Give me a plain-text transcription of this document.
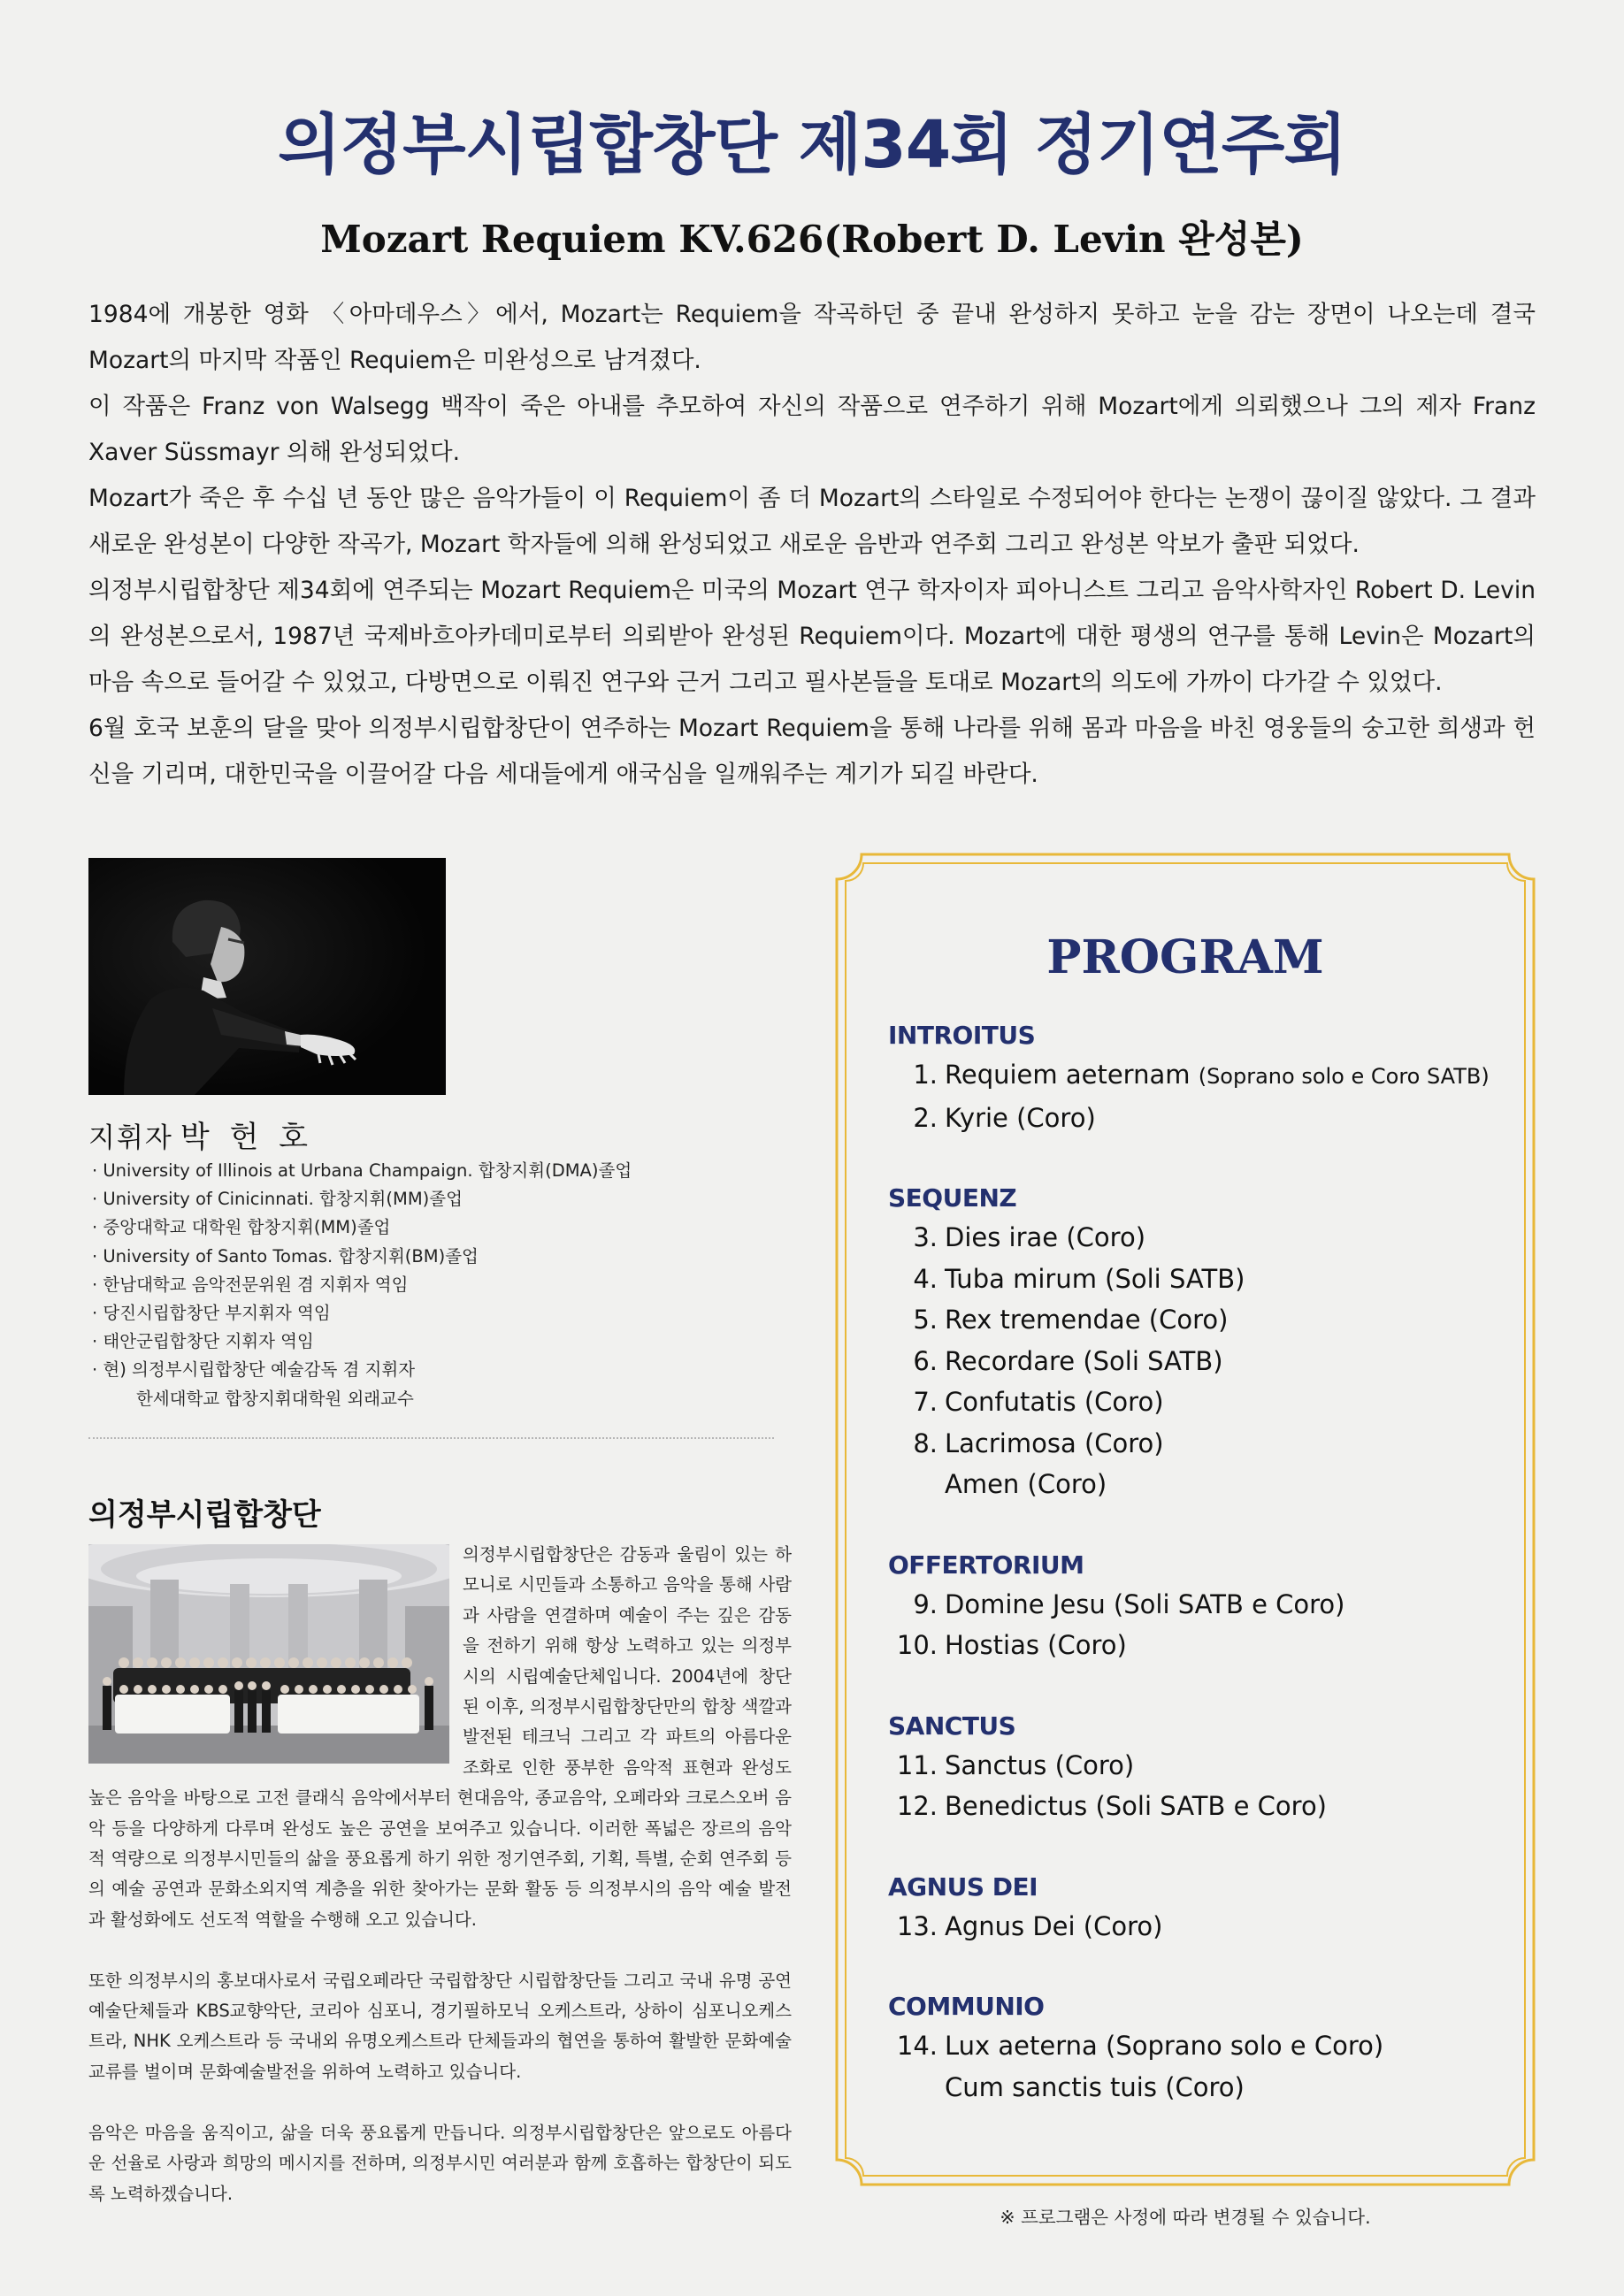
의정부시립합창단 제34회 정기연주회
Mozart Requiem KV.626(Robert D. Levin 완성본)

1984에 개봉한 영화 〈아마데우스〉에서, Mozart는 Requiem을 작곡하던 중 끝내 완성하지 못하고 눈을 감는 장면이 나오는데 결국 Mozart의 마지막 작품인 Requiem은 미완성으로 남겨졌다.

이 작품은 Franz von Walsegg 백작이 죽은 아내를 추모하여 자신의 작품으로 연주하기 위해 Mozart에게 의뢰했으나 그의 제자 Franz Xaver Süssmayr 의해 완성되었다.

Mozart가 죽은 후 수십 년 동안 많은 음악가들이 이 Requiem이 좀 더 Mozart의 스타일로 수정되어야 한다는 논쟁이 끊이질 않았다. 그 결과 새로운 완성본이 다양한 작곡가, Mozart 학자들에 의해 완성되었고 새로운 음반과 연주회 그리고 완성본 악보가 출판 되었다.

의정부시립합창단 제34회에 연주되는 Mozart Requiem은 미국의 Mozart 연구 학자이자 피아니스트 그리고 음악사학자인 Robert D. Levin의 완성본으로서, 1987년 국제바흐아카데미로부터 의뢰받아 완성된 Requiem이다. Mozart에 대한 평생의 연구를 통해 Levin은 Mozart의 마음 속으로 들어갈 수 있었고, 다방면으로 이뤄진 연구와 근거 그리고 필사본들을 토대로 Mozart의 의도에 가까이 다가갈 수 있었다.

6월 호국 보훈의 달을 맞아 의정부시립합창단이 연주하는 Mozart Requiem을 통해 나라를 위해 몸과 마음을 바친 영웅들의 숭고한 희생과 헌신을 기리며, 대한민국을 이끌어갈 다음 세대들에게 애국심을 일깨워주는 계기가 되길 바란다.

지휘자 박 헌 호
· University of Illinois at Urbana Champaign. 합창지휘(DMA)졸업
· University of Cinicinnati. 합창지휘(MM)졸업
· 중앙대학교 대학원 합창지휘(MM)졸업
· University of Santo Tomas. 합창지휘(BM)졸업
· 한남대학교 음악전문위원 겸 지휘자 역임
· 당진시립합창단 부지휘자 역임
· 태안군립합창단 지휘자 역임
· 현) 의정부시립합창단 예술감독 겸 지휘자
한세대학교 합창지휘대학원 외래교수
의정부시립합창단

의정부시립합창단은 감동과 울림이 있는 하모니로 시민들과 소통하고 음악을 통해 사람과 사람을 연결하며 예술이 주는 깊은 감동을 전하기 위해 항상 노력하고 있는 의정부시의 시립예술단체입니다. 2004년에 창단된 이후, 의정부시립합창단만의 합창 색깔과 발전된 테크닉 그리고 각 파트의 아름다운 조화로 인한 풍부한 음악적 표현과 완성도 높은 음악을 바탕으로 고전 클래식 음악에서부터 현대음악, 종교음악, 오페라와 크로스오버 음악 등을 다양하게 다루며 완성도 높은 공연을 보여주고 있습니다. 이러한 폭넓은 장르의 음악적 역량으로 의정부시민들의 삶을 풍요롭게 하기 위한 정기연주회, 기획, 특별, 순회 연주회 등의 예술 공연과 문화소외지역 계층을 위한 찾아가는 문화 활동 등 의정부시의 음악 예술 발전과 활성화에도 선도적 역할을 수행해 오고 있습니다.

또한 의정부시의 홍보대사로서 국립오페라단 국립합창단 시립합창단들 그리고 국내 유명 공연예술단체들과 KBS교향악단, 코리아 심포니, 경기필하모닉 오케스트라, 상하이 심포니오케스트라, NHK 오케스트라 등 국내외 유명오케스트라 단체들과의 협연을 통하여 활발한 문화예술교류를 벌이며 문화예술발전을 위하여 노력하고 있습니다.

음악은 마음을 움직이고, 삶을 더욱 풍요롭게 만듭니다. 의정부시립합창단은 앞으로도 아름다운 선율로 사랑과 희망의 메시지를 전하며, 의정부시민 여러분과 함께 호흡하는 합창단이 되도록 노력하겠습니다.

PROGRAM
INTROITUS
1. Requiem aeternam (Soprano solo e Coro SATB)
2. Kyrie (Coro)
SEQUENZ
3. Dies irae (Coro)
4. Tuba mirum (Soli SATB)
5. Rex tremendae (Coro)
6. Recordare (Soli SATB)
7. Confutatis (Coro)
8. Lacrimosa (Coro)
Amen (Coro)
OFFERTORIUM
9. Domine Jesu (Soli SATB e Coro)
10. Hostias (Coro)
SANCTUS
11. Sanctus (Coro)
12. Benedictus (Soli SATB e Coro)
AGNUS DEI
13. Agnus Dei (Coro)
COMMUNIO
14. Lux aeterna (Soprano solo e Coro)
Cum sanctis tuis (Coro)
※ 프로그램은 사정에 따라 변경될 수 있습니다.
